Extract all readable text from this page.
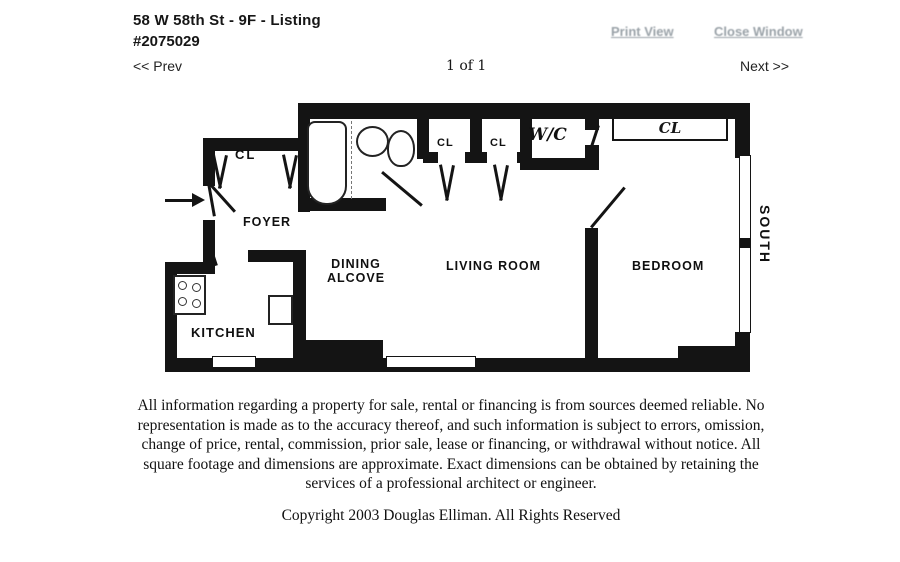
58 W 58th St - 9F - Listing
#2075029
Print View	Close Window
<< Prev	1 of 1	Next >>
CL
CL
FOYER
KITCHEN
DINING
ALCOVE
LIVING ROOM	BEDROOM
CL	CL W/C
SOUTH
All information regarding a property for sale, rental or financing is from sources deemed reliable. No representation is made as to the accuracy thereof, and such information is subject to errors, omission, change of price, rental, commission, prior sale, lease or financing, or withdrawal without notice. All square footage and dimensions are approximate. Exact dimensions can be obtained by retaining the services of a professional architect or engineer.
Copyright 2003 Douglas Elliman. All Rights Reserved
